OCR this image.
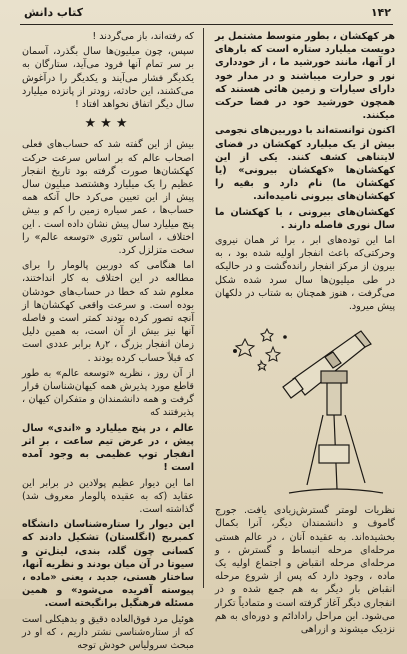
۱۴۲
کتاب دانش

هر کهکشان ، بطور متوسط مشتمل بر دویست میلیارد ستاره است که بارهای از آنها، مانند خورشید ما ، از خودداری نور و حرارت میباشند و در مدار خود دارای سیارات و زمین هائی هستند که همچون خورشید خود در فضا حرکت میکنند.

اکنون توانسته‌اند با دوربین‌های نجومی بیش از یک میلیارد کهکشان در فضای لایتناهی کشف کنند. یکی از این کهکشان‌ها «کهکشان بیرونی» (یا کهکشان ما) نام دارد و بقیه را کهکشان‌های بیرونی نامیده‌اند.

کهکشان‌های بیرونی ، با کهکشان ما سال نوری فاصله دارند .

اما این توده‌های ابر ، برا ثر همان نیروی وحرکتی‌که باعث انفجار اولیه شده بود ، به بیرون از مرکز انفجار رانده‌گشت و در حالیکه در طی میلیون‌ها سال سرد شده شکل می‌گرفت ، هنوز همچنان به شتاب در دلکهان پیش میرود.

نظریات لومتر گسترش‌زیادی یافت. جورج گاموف و دانشمندان دیگر، آنرا بکمال بخشیده‌اند. به عقیده آنان ، در عالم هستی مرحله‌ای مرحله انبساط و گسترش ، و مرحله‌ای مرحله انقباض و اجتماع اولیه یک ماده ، وجود دارد که پس از شروع مرحله انقباض بار دیگر به هم جمع شده و در انفجاری دیگر آغاز گرفته است و متمادیاً تکرار می‌شود. این مراحل رادادائم و دوره‌ای به هم نزدیک میشوند و ازراهی

که رفته‌اند، باز می‌گردند !

سپس، چون میلیون‌ها سال بگذرد، آسمان بر سر تمام آنها فرود می‌آید، ستارگان به یکدیگر فشار می‌آیند و یکدیگر را درآغوش می‌کشند، این حادثه، زودتر از پانزده میلیارد سال دیگر اتفاق نخواهد افتاد !

★★★

بیش از این گفته شد که حساب‌های فعلی اصحاب عالم که بر اساس سرعت حرکت کهکشان‌ها صورت گرفته بود تاریخ انفجار عظیم را یک میلیارد وهشتصد میلیون سال پیش از این تعیین می‌کرد حال آنکه همه حساب‌ها ، عمر سیاره زمین را کم و بیش پنج میلیارد سال پیش نشان داده است . این اختلاف ، اساس تئوری «توسعه عالم» را سخت متزلزل کرد.

اما هنگامی که دوربین پالومار را برای مطالعه در این اختلاف به کار انداختند، معلوم شد که خطا در حساب‌های خودشان بوده است. و سرعت واقعی کهکشان‌ها از آنچه تصور کرده بودند کمتر است و فاصله آنها نیز بیش از آن است، به همین دلیل زمان انفجار بزرگ ، ۲ر۸ برابر عددی است که قبلاً حساب کرده بودند .

از آن روز ، نظریه «توسعه عالم» به طور قاطع مورد پذیرش همه کیهان‌شناسان قرار گرفت و همه دانشمندان و متفکران کیهان ، پذیرفتند که

عالم ، در پنج میلیارد و «اندی» سال پیش ، در عرض تیم ساعت ، بر اثر انفجار توپ عظیمی به وجود آمده است !

اما این دیوار عظیم پولادین در برابر این عقاید (که به عقیده پالومار معروف شد) گذاشته است.

این دیوار را ستاره‌شناسان دانشگاه کمبریج (انگلستان) تشکیل دادند که کسانی چون گلد، بندی، لیتل‌تن و سیوتا در آن میان بودند و نظریه آنها، ساختار هستی، جدید ، یعنی «ماده ، پیوسته آفریده می‌شود» و همین مسئله فرهنگیل برانگیخته است.

هوئیل مرد فوق‌العاده دقیق و بدهیکلی است که از ستاره‌شناسی نشتر داریم ، که او در مبحث سرولیاس خودش توجه
